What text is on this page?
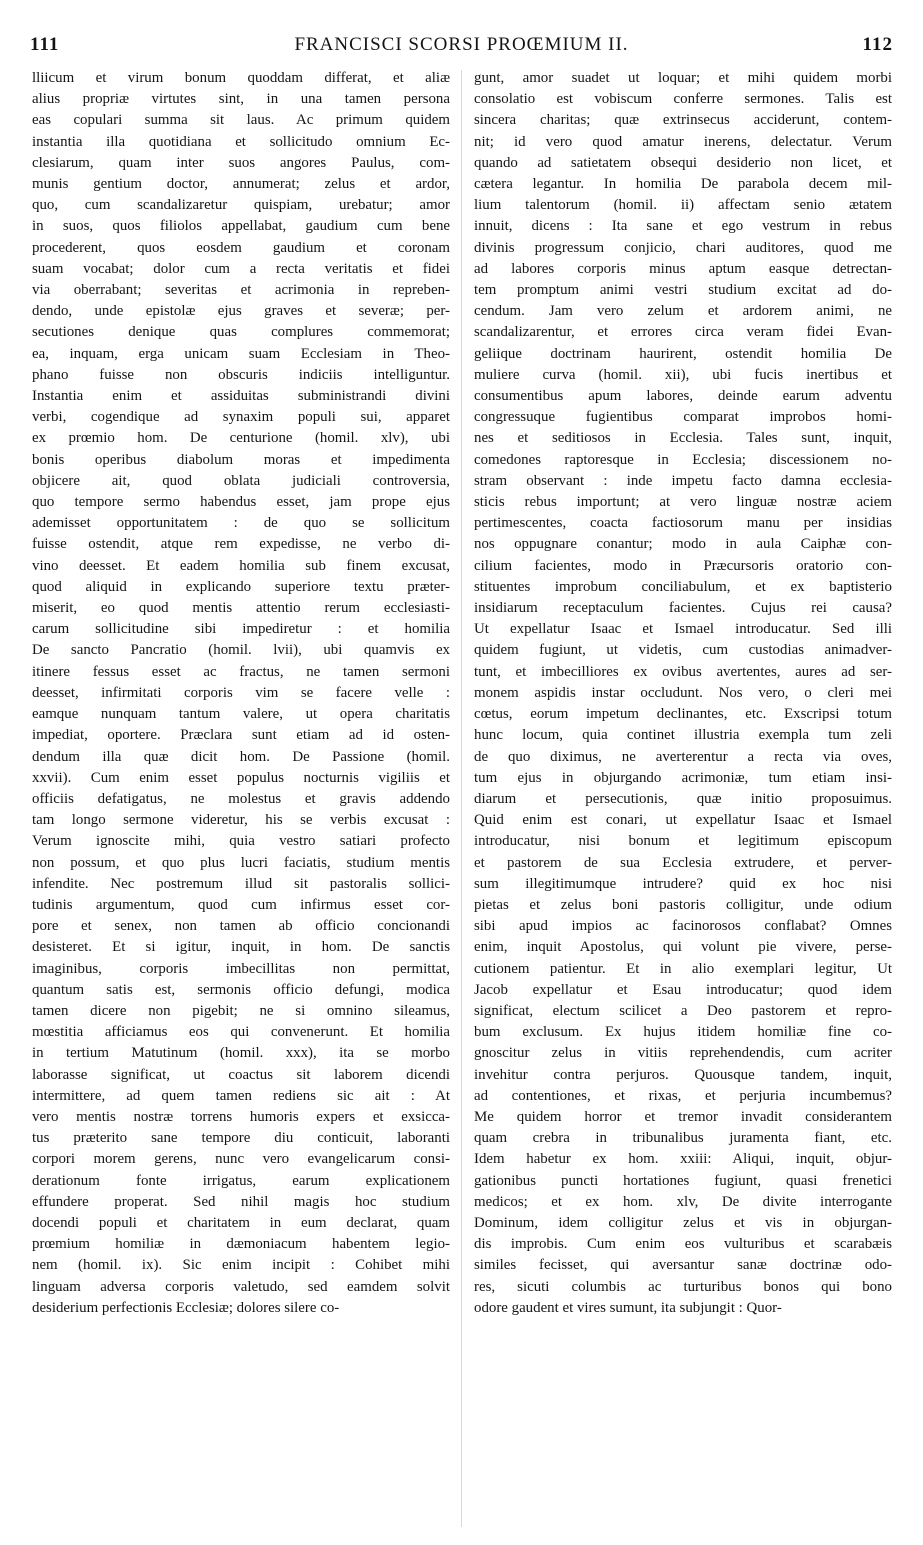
111	FRANCISCI SCORSI PROŒMIUM II.	112
lliicum et virum bonum quoddam differat, et aliæ
alius propriæ virtutes sint, in una tamen persona
eas copulari summa sit laus. Ac primum quidem
instantia illa quotidiana et sollicitudo omnium Ec-
clesiarum, quam inter suos angores Paulus, com-
munis gentium doctor, annumerat; zelus et ardor,
quo, cum scandalizaretur quispiam, urebatur; amor
in suos, quos filiolos appellabat, gaudium cum bene
procederent, quos eosdem gaudium et coronam
suam vocabat; dolor cum a recta veritatis et fidei
via oberrabant; severitas et acrimonia in repreben-
dendo, unde epistolæ ejus graves et severæ; per-
secutiones denique quas complures commemorat;
ea, inquam, erga unicam suam Ecclesiam in Theo-
phano fuisse non obscuris indiciis intelliguntur.
Instantia enim et assiduitas subministrandi divini
verbi, cogendique ad synaxim populi sui, apparet
ex prœmio hom. De centurione (homil. xlv), ubi
bonis operibus diabolum moras et impedimenta
objicere ait, quod oblata judiciali controversia,
quo tempore sermo habendus esset, jam prope ejus
ademisset opportunitatem : de quo se sollicitum
fuisse ostendit, atque rem expedisse, ne verbo di-
vino deesset. Et eadem homilia sub finem excusat,
quod aliquid in explicando superiore textu præter-
miserit, eo quod mentis attentio rerum ecclesiasti-
carum sollicitudine sibi impediretur : et homilia
De sancto Pancratio (homil. lvii), ubi quamvis ex
itinere fessus esset ac fractus, ne tamen sermoni
deesset, infirmitati corporis vim se facere velle :
eamque nunquam tantum valere, ut opera charitatis
impediat, oportere. Præclara sunt etiam ad id osten-
dendum illa quæ dicit hom. De Passione (homil.
xxvii). Cum enim esset populus nocturnis vigiliis et
officiis defatigatus, ne molestus et gravis addendo
tam longo sermone videretur, his se verbis excusat :
Verum ignoscite mihi, quia vestro satiari profecto
non possum, et quo plus lucri faciatis, studium mentis
infendite. Nec postremum illud sit pastoralis sollici-
tudinis argumentum, quod cum infirmus esset cor-
pore et senex, non tamen ab officio concionandi
desisteret. Et si igitur, inquit, in hom. De sanctis
imaginibus, corporis imbecillitas non permittat,
quantum satis est, sermonis officio defungi, modica
tamen dicere non pigebit; ne si omnino sileamus,
mœstitia afficiamus eos qui convenerunt. Et homilia
in tertium Matutinum (homil. xxx), ita se morbo
laborasse significat, ut coactus sit laborem dicendi
intermittere, ad quem tamen rediens sic ait : At
vero mentis nostræ torrens humoris expers et exsicca-
tus præterito sane tempore diu conticuit, laboranti
corpori morem gerens, nunc vero evangelicarum consi-
derationum fonte irrigatus, earum explicationem
effundere properat. Sed nihil magis hoc studium
docendi populi et charitatem in eum declarat, quam
prœmium homiliæ in dæmoniacum habentem legio-
nem (homil. ix). Sic enim incipit : Cohibet mihi
linguam adversa corporis valetudo, sed eamdem solvit
desiderium perfectionis Ecclesiæ; dolores silere co-
gunt, amor suadet ut loquar; et mihi quidem morbi
consolatio est vobiscum conferre sermones. Talis est
sincera charitas; quæ extrinsecus acciderunt, contem-
nit; id vero quod amatur inerens, delectatur. Verum
quando ad satietatem obsequi desiderio non licet, et
cætera legantur. In homilia De parabola decem mil-
lium talentorum (homil. ii) affectam senio ætatem
innuit, dicens : Ita sane et ego vestrum in rebus
divinis progressum conjicio, chari auditores, quod me
ad labores corporis minus aptum easque detrectan-
tem promptum animi vestri studium excitat ad do-
cendum. Jam vero zelum et ardorem animi, ne
scandalizarentur, et errores circa veram fidei Evan-
geliique doctrinam haurirent, ostendit homilia De
muliere curva (homil. xii), ubi fucis inertibus et
consumentibus apum labores, deinde earum adventu
congressuque fugientibus comparat improbos homi-
nes et seditiosos in Ecclesia. Tales sunt, inquit,
comedones raptoresque in Ecclesia; discessionem no-
stram observant : inde impetu facto damna ecclesia-
sticis rebus importunt; at vero linguæ nostræ aciem
pertimescentes, coacta factiosorum manu per insidias
nos oppugnare conantur; modo in aula Caiphæ con-
cilium facientes, modo in Præcursoris oratorio con-
stituentes improbum conciliabulum, et ex baptisterio
insidiarum receptaculum facientes. Cujus rei causa?
Ut expellatur Isaac et Ismael introducatur. Sed illi
quidem fugiunt, ut videtis, cum custodias animadver-
tunt, et imbecilliores ex ovibus avertentes, aures ad ser-
monem aspidis instar occludunt. Nos vero, o cleri mei
cœtus, eorum impetum declinantes, etc. Exscripsi totum
hunc locum, quia continet illustria exempla tum zeli
de quo diximus, ne averterentur a recta via oves,
tum ejus in objurgando acrimoniæ, tum etiam insi-
diarum et persecutionis, quæ initio proposuimus.
Quid enim est conari, ut expellatur Isaac et Ismael
introducatur, nisi bonum et legitimum episcopum
et pastorem de sua Ecclesia extrudere, et perver-
sum illegitimumque intrudere? quid ex hoc nisi
pietas et zelus boni pastoris colligitur, unde odium
sibi apud impios ac facinorosos conflabat? Omnes
enim, inquit Apostolus, qui volunt pie vivere, perse-
cutionem patientur. Et in alio exemplari legitur, Ut
Jacob expellatur et Esau introducatur; quod idem
significat, electum scilicet a Deo pastorem et repro-
bum exclusum. Ex hujus itidem homiliæ fine co-
gnoscitur zelus in vitiis reprehendendis, cum acriter
invehitur contra perjuros. Quousque tandem, inquit,
ad contentiones, et rixas, et perjuria incumbemus?
Me quidem horror et tremor invadit considerantem
quam crebra in tribunalibus juramenta fiant, etc.
Idem habetur ex hom. xxiii: Aliqui, inquit, objur-
gationibus puncti hortationes fugiunt, quasi frenetici
medicos; et ex hom. xlv, De divite interrogante
Dominum, idem colligitur zelus et vis in objurgan-
dis improbis. Cum enim eos vulturibus et scarabæis
similes fecisset, qui aversantur sanæ doctrinæ odo-
res, sicuti columbis ac turturibus bonos qui bono
odore gaudent et vires sumunt, ita subjungit : Quor-
